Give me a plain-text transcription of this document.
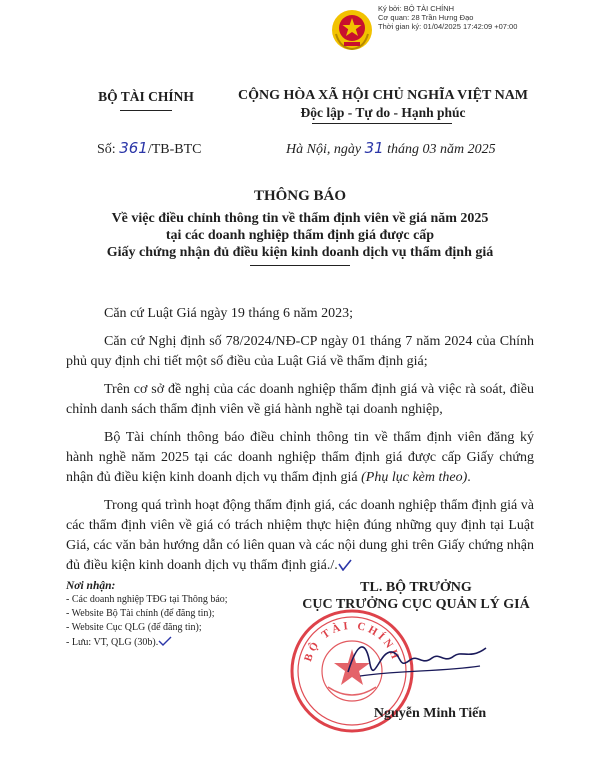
Ký bởi: BỘ TÀI CHÍNH
Cơ quan: 28 Trần Hưng Đạo
Thời gian ký: 01/04/2025 17:42:09 +07:00
BỘ TÀI CHÍNH	CỘNG HÒA XÃ HỘI CHỦ NGHĨA VIỆT NAM
Độc lập - Tự do - Hạnh phúc
Số: 361/TB-BTC	Hà Nội, ngày 31 tháng 03 năm 2025
THÔNG BÁO
Về việc điều chỉnh thông tin về thẩm định viên về giá năm 2025
tại các doanh nghiệp thẩm định giá được cấp
Giấy chứng nhận đủ điều kiện kinh doanh dịch vụ thẩm định giá
Căn cứ Luật Giá ngày 19 tháng 6 năm 2023;
Căn cứ Nghị định số 78/2024/NĐ-CP ngày 01 tháng 7 năm 2024 của Chính phủ quy định chi tiết một số điều của Luật Giá về thẩm định giá;
Trên cơ sở đề nghị của các doanh nghiệp thẩm định giá và việc rà soát, điều chỉnh danh sách thẩm định viên về giá hành nghề tại doanh nghiệp,
Bộ Tài chính thông báo điều chỉnh thông tin về thẩm định viên đăng ký hành nghề năm 2025 tại các doanh nghiệp thẩm định giá được cấp Giấy chứng nhận đủ điều kiện kinh doanh dịch vụ thẩm định giá (Phụ lục kèm theo).
Trong quá trình hoạt động thẩm định giá, các doanh nghiệp thẩm định giá và các thẩm định viên về giá có trách nhiệm thực hiện đúng những quy định tại Luật Giá, các văn bản hướng dẫn có liên quan và các nội dung ghi trên Giấy chứng nhận đủ điều kiện kinh doanh dịch vụ thẩm định giá./.
Nơi nhận:
- Các doanh nghiệp TĐG tại Thông báo;
- Website Bộ Tài chính (để đăng tin);
- Website Cục QLG (để đăng tin);
- Lưu: VT, QLG (30b).
TL. BỘ TRƯỞNG
CỤC TRƯỞNG CỤC QUẢN LÝ GIÁ
BỘ TÀI CHÍNH
Nguyễn Minh Tiến
